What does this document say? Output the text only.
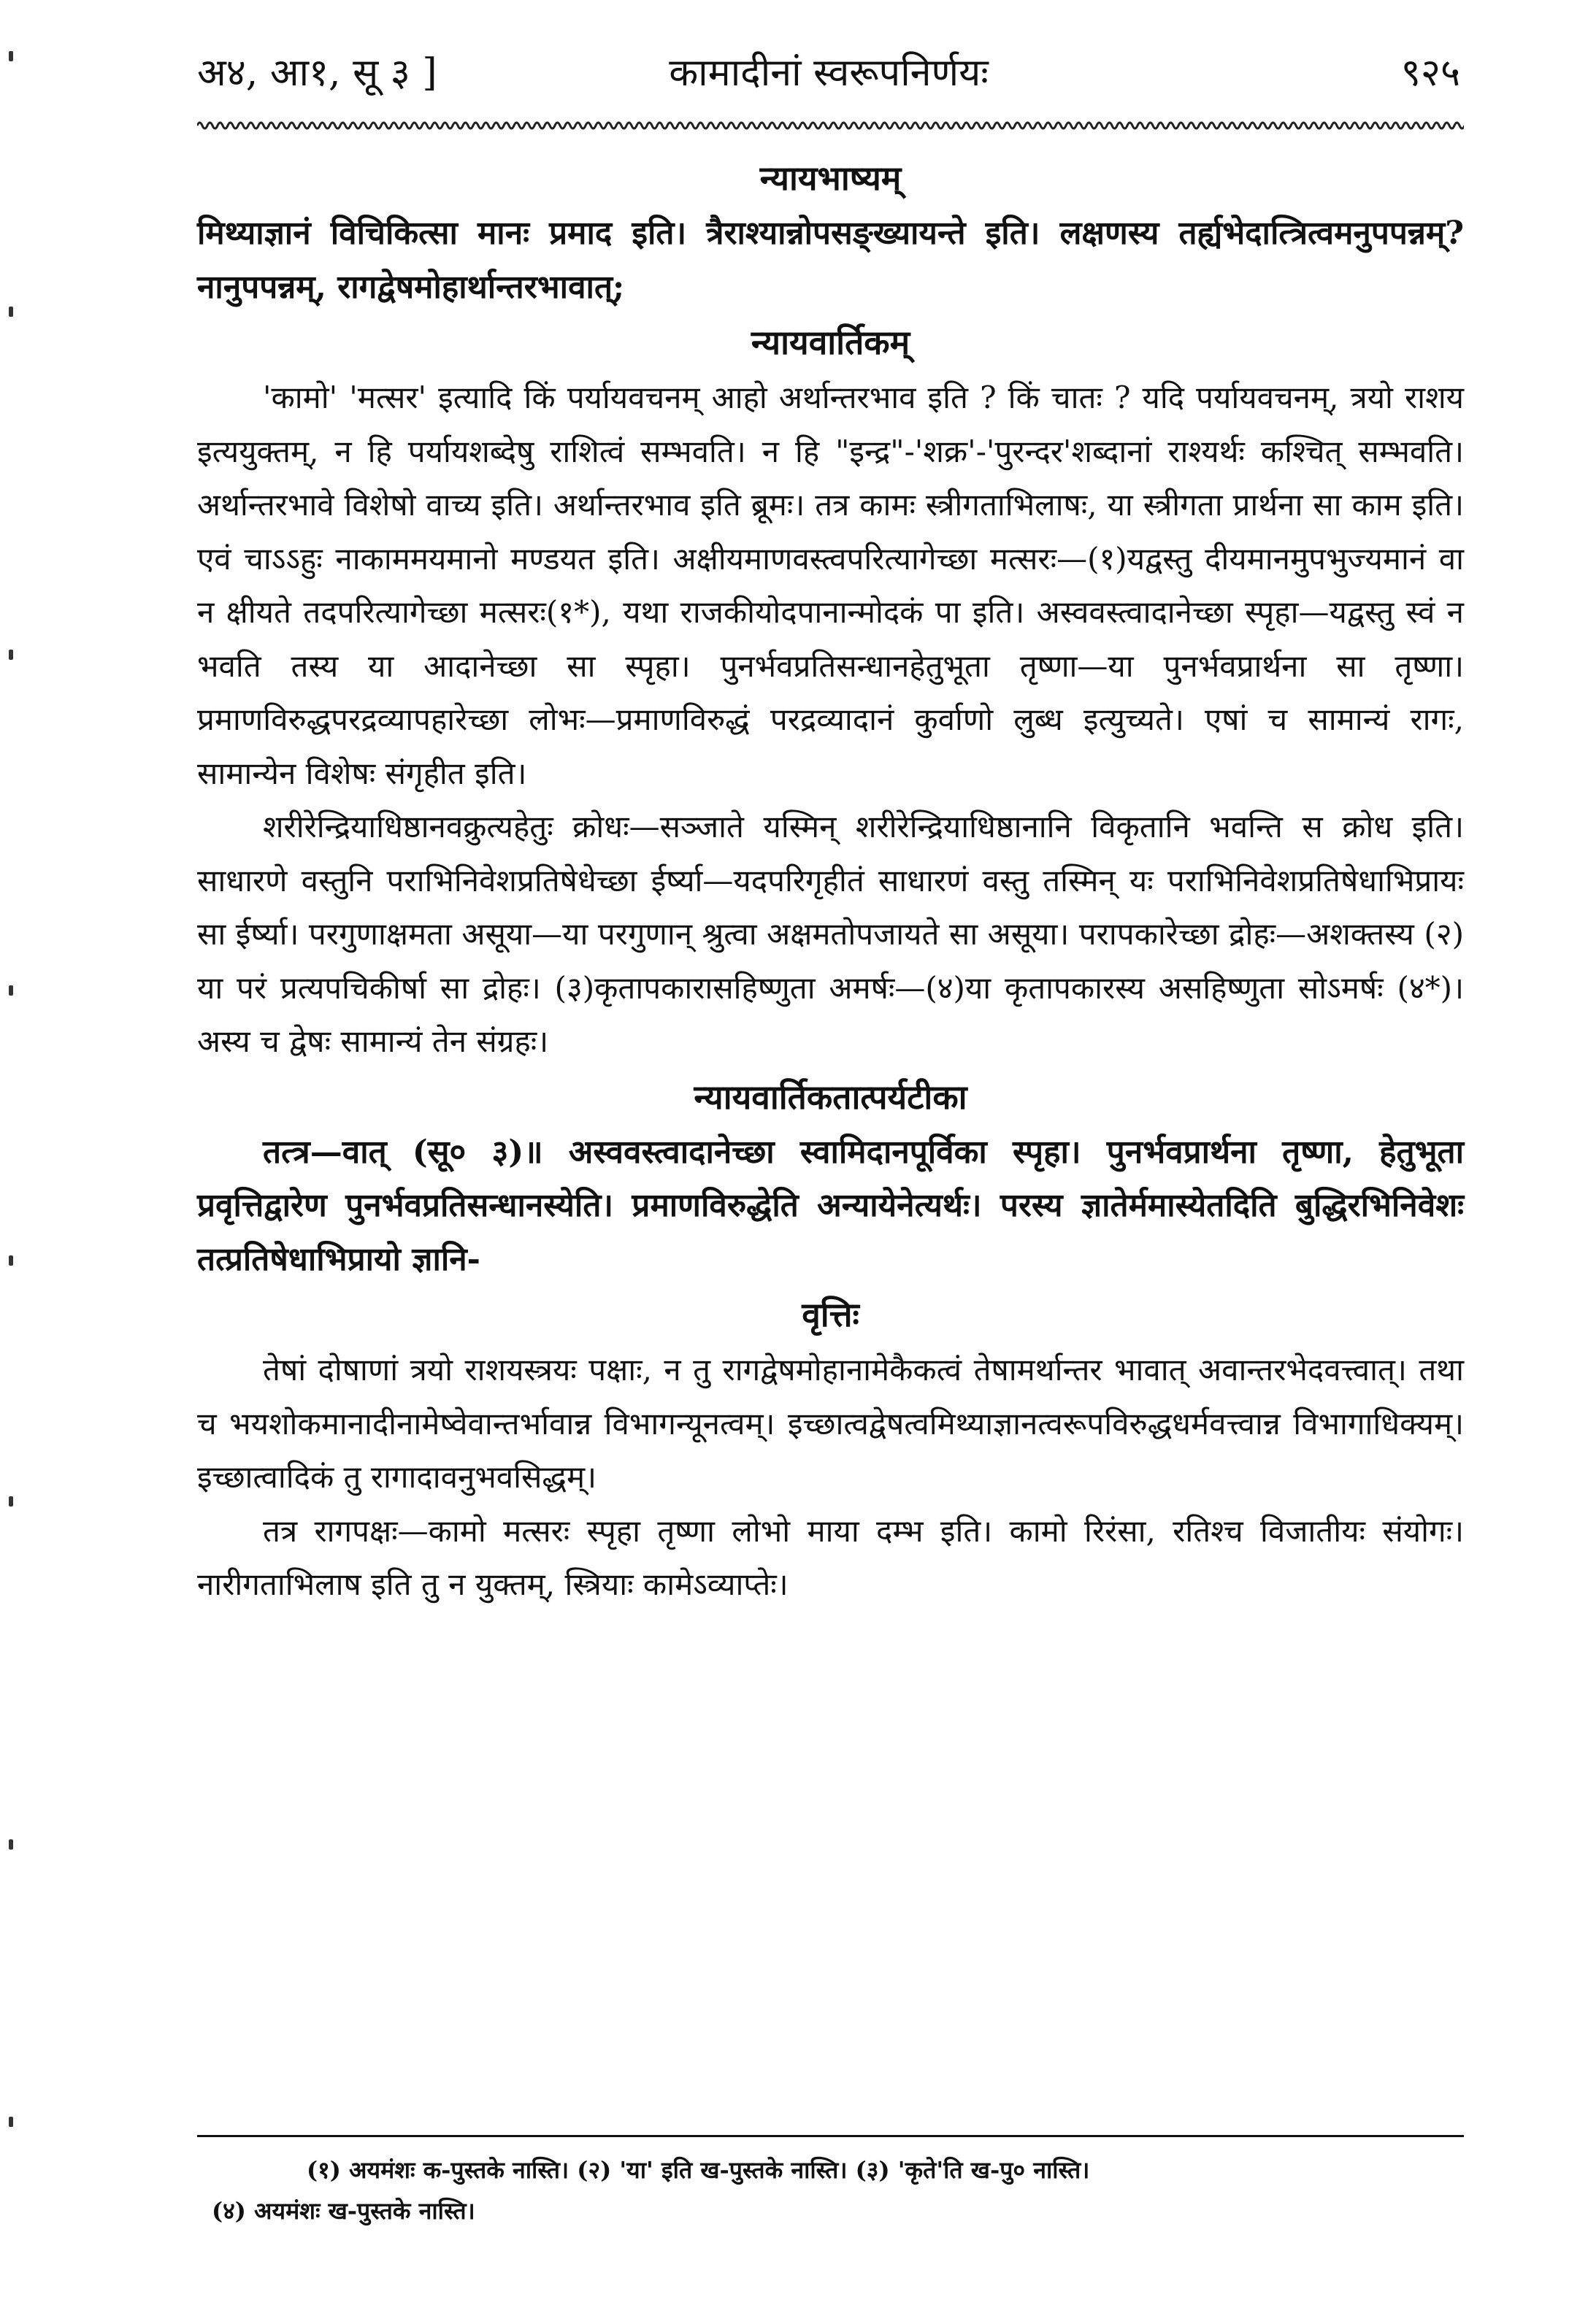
अ४, आ१, सू ३ ]	कामादीनां स्वरूपनिर्णयः	९२५
न्यायभाष्यम्

मिथ्याज्ञानं विचिकित्सा मानः प्रमाद इति। त्रैराश्यान्नोपसङ्ख्यायन्ते इति। लक्षणस्य तर्ह्यभेदात्त्रित्वमनुपपन्नम्? नानुपपन्नम्, रागद्वेषमोहार्थान्तरभावात्;

न्यायवार्तिकम्

'कामो' 'मत्सर' इत्यादि किं पर्यायवचनम् आहो अर्थान्तरभाव इति ? किं चातः ? यदि पर्यायवचनम्, त्रयो राशय इत्ययुक्तम्, न हि पर्यायशब्देषु राशित्वं सम्भवति। न हि "इन्द्र"-'शक्र'-'पुरन्दर'शब्दानां राश्यर्थः कश्चित् सम्भवति। अर्थान्तरभावे विशेषो वाच्य इति। अर्थान्तरभाव इति ब्रूमः। तत्र कामः स्त्रीगताभिलाषः, या स्त्रीगता प्रार्थना सा काम इति। एवं चाऽऽहुः नाकाममयमानो मण्डयत इति। अक्षीयमाणवस्त्वपरित्यागेच्छा मत्सरः—(१)यद्वस्तु दीयमानमुपभुज्यमानं वा न क्षीयते तदपरित्यागेच्छा मत्सरः(१*), यथा राजकीयोदपानान्मोदकं पा इति। अस्ववस्त्वादानेच्छा स्पृहा—यद्वस्तु स्वं न भवति तस्य या आदानेच्छा सा स्पृहा। पुनर्भवप्रतिसन्धानहेतुभूता तृष्णा—या पुनर्भवप्रार्थना सा तृष्णा। प्रमाणविरुद्धपरद्रव्यापहारेच्छा लोभः—प्रमाणविरुद्धं परद्रव्यादानं कुर्वाणो लुब्ध इत्युच्यते। एषां च सामान्यं रागः, सामान्येन विशेषः संगृहीत इति।

शरीरेन्द्रियाधिष्ठानवक्रुत्यहेतुः क्रोधः—सञ्जाते यस्मिन् शरीरेन्द्रियाधिष्ठानानि विकृतानि भवन्ति स क्रोध इति। साधारणे वस्तुनि पराभिनिवेशप्रतिषेधेच्छा ईर्ष्या—यदपरिगृहीतं साधारणं वस्तु तस्मिन् यः पराभिनिवेशप्रतिषेधाभिप्रायः सा ईर्ष्या। परगुणाक्षमता असूया—या परगुणान् श्रुत्वा अक्षमतोपजायते सा असूया। परापकारेच्छा द्रोहः—अशक्तस्य (२) या परं प्रत्यपचिकीर्षा सा द्रोहः। (३)कृतापकारासहिष्णुता अमर्षः—(४)या कृतापकारस्य असहिष्णुता सोऽमर्षः (४*)। अस्य च द्वेषः सामान्यं तेन संग्रहः।

न्यायवार्तिकतात्पर्यटीका

तत्त्र—वात् (सू० ३)॥ अस्ववस्त्वादानेच्छा स्वामिदानपूर्विका स्पृहा। पुनर्भवप्रार्थना तृष्णा, हेतुभूता प्रवृत्तिद्वारेण पुनर्भवप्रतिसन्धानस्येति। प्रमाणविरुद्धेति अन्यायेनेत्यर्थः। परस्य ज्ञातेर्ममास्येतदिति बुद्धिरभिनिवेशः तत्प्रतिषेधाभिप्रायो ज्ञानि-

वृत्तिः

तेषां दोषाणां त्रयो राशयस्त्रयः पक्षाः, न तु रागद्वेषमोहानामेकैकत्वं तेषामर्थान्तर भावात् अवान्तरभेदवत्त्वात्। तथा च भयशोकमानादीनामेष्वेवान्तर्भावान्न विभागन्यूनत्वम्। इच्छात्वद्वेषत्वमिथ्याज्ञानत्वरूपविरुद्धधर्मवत्त्वान्न विभागाधिक्यम्। इच्छात्वादिकं तु रागादावनुभवसिद्धम्।

तत्र रागपक्षः—कामो मत्सरः स्पृहा तृष्णा लोभो माया दम्भ इति। कामो रिरंसा, रतिश्च विजातीयः संयोगः। नारीगताभिलाष इति तु न युक्तम्, स्त्रियाः कामेऽव्याप्तेः।

(१) अयमंशः क-पुस्तके नास्ति। (२) 'या' इति ख-पुस्तके नास्ति। (३) 'कृते'ति ख-पु० नास्ति।
(४) अयमंशः ख-पुस्तके नास्ति।
